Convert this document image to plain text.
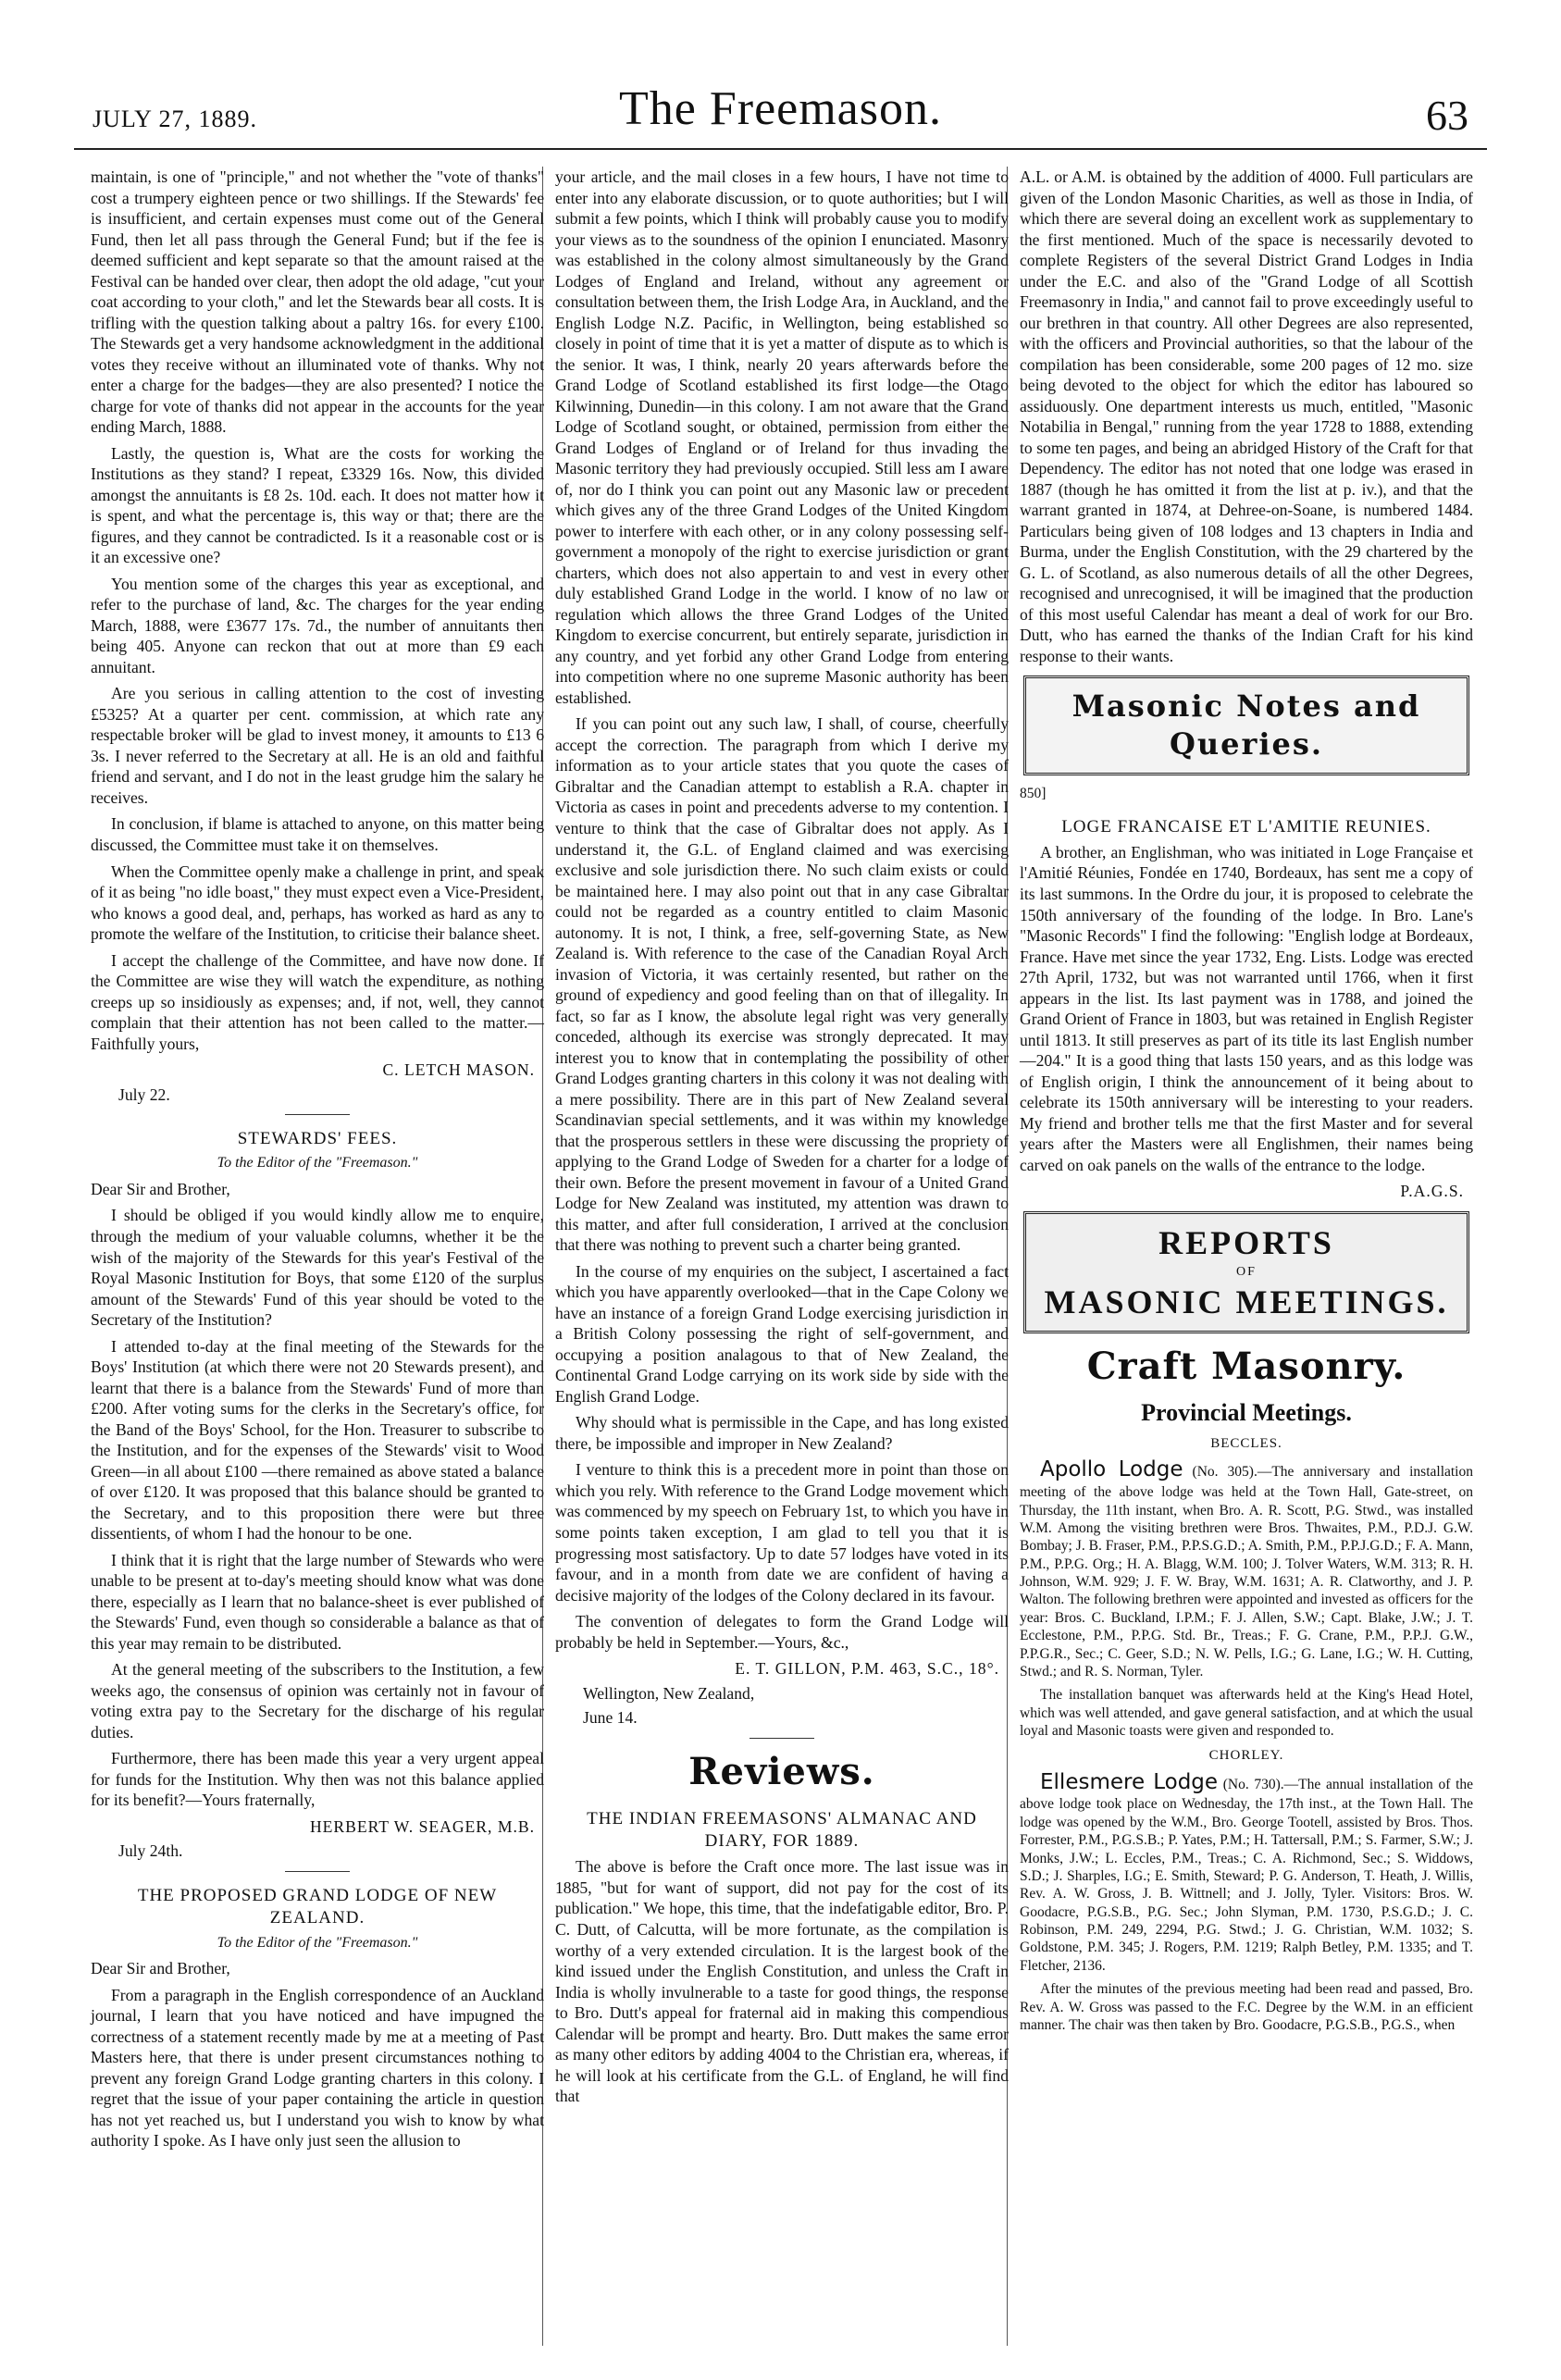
JULY 27, 1889.	The Freemason.	63

maintain, is one of "principle," and not whether the "vote of thanks" cost a trumpery eighteen pence or two shillings. If the Stewards' fee is insufficient, and certain expenses must come out of the General Fund, then let all pass through the General Fund; but if the fee is deemed sufficient and kept separate so that the amount raised at the Festival can be handed over clear, then adopt the old adage, "cut your coat according to your cloth," and let the Stewards bear all costs. It is trifling with the question talking about a paltry 16s. for every £100. The Stewards get a very handsome acknowledgment in the additional votes they receive without an illuminated vote of thanks. Why not enter a charge for the badges—they are also presented? I notice the charge for vote of thanks did not appear in the accounts for the year ending March, 1888.

Lastly, the question is, What are the costs for working the Institutions as they stand? I repeat, £3329 16s. Now, this divided amongst the annuitants is £8 2s. 10d. each. It does not matter how it is spent, and what the percentage is, this way or that; there are the figures, and they cannot be contradicted. Is it a reasonable cost or is it an excessive one?

You mention some of the charges this year as exceptional, and refer to the purchase of land, &c. The charges for the year ending March, 1888, were £3677 17s. 7d., the number of annuitants then being 405. Anyone can reckon that out at more than £9 each annuitant.

Are you serious in calling attention to the cost of investing £5325? At a quarter per cent. commission, at which rate any respectable broker will be glad to invest money, it amounts to £13 6 3s. I never referred to the Secretary at all. He is an old and faithful friend and servant, and I do not in the least grudge him the salary he receives.

In conclusion, if blame is attached to anyone, on this matter being discussed, the Committee must take it on themselves.

When the Committee openly make a challenge in print, and speak of it as being "no idle boast," they must expect even a Vice-President, who knows a good deal, and, perhaps, has worked as hard as any to promote the welfare of the Institution, to criticise their balance sheet.

I accept the challenge of the Committee, and have now done. If the Committee are wise they will watch the expenditure, as nothing creeps up so insidiously as expenses; and, if not, well, they cannot complain that their attention has not been called to the matter.— Faithfully yours,

C. LETCH MASON.
July 22.
STEWARDS' FEES.
To the Editor of the "Freemason."

Dear Sir and Brother,

I should be obliged if you would kindly allow me to enquire, through the medium of your valuable columns, whether it be the wish of the majority of the Stewards for this year's Festival of the Royal Masonic Institution for Boys, that some £120 of the surplus amount of the Stewards' Fund of this year should be voted to the Secretary of the Institution?

I attended to-day at the final meeting of the Stewards for the Boys' Institution (at which there were not 20 Stewards present), and learnt that there is a balance from the Stewards' Fund of more than £200. After voting sums for the clerks in the Secretary's office, for the Band of the Boys' School, for the Hon. Treasurer to subscribe to the Institution, and for the expenses of the Stewards' visit to Wood Green—in all about £100 —there remained as above stated a balance of over £120. It was proposed that this balance should be granted to the Secretary, and to this proposition there were but three dissentients, of whom I had the honour to be one.

I think that it is right that the large number of Stewards who were unable to be present at to-day's meeting should know what was done there, especially as I learn that no balance-sheet is ever published of the Stewards' Fund, even though so considerable a balance as that of this year may remain to be distributed.

At the general meeting of the subscribers to the Institution, a few weeks ago, the consensus of opinion was certainly not in favour of voting extra pay to the Secretary for the discharge of his regular duties.

Furthermore, there has been made this year a very urgent appeal for funds for the Institution. Why then was not this balance applied for its benefit?—Yours fraternally,

HERBERT W. SEAGER, M.B.
July 24th.
THE PROPOSED GRAND LODGE OF NEW ZEALAND.
To the Editor of the "Freemason."

Dear Sir and Brother,

From a paragraph in the English correspondence of an Auckland journal, I learn that you have noticed and have impugned the correctness of a statement recently made by me at a meeting of Past Masters here, that there is under present circumstances nothing to prevent any foreign Grand Lodge granting charters in this colony. I regret that the issue of your paper containing the article in question has not yet reached us, but I understand you wish to know by what authority I spoke. As I have only just seen the allusion to

your article, and the mail closes in a few hours, I have not time to enter into any elaborate discussion, or to quote authorities; but I will submit a few points, which I think will probably cause you to modify your views as to the soundness of the opinion I enunciated. Masonry was established in the colony almost simultaneously by the Grand Lodges of England and Ireland, without any agreement or consultation between them, the Irish Lodge Ara, in Auckland, and the English Lodge N.Z. Pacific, in Wellington, being established so closely in point of time that it is yet a matter of dispute as to which is the senior. It was, I think, nearly 20 years afterwards before the Grand Lodge of Scotland established its first lodge—the Otago Kilwinning, Dunedin—in this colony. I am not aware that the Grand Lodge of Scotland sought, or obtained, permission from either the Grand Lodges of England or of Ireland for thus invading the Masonic territory they had previously occupied. Still less am I aware of, nor do I think you can point out any Masonic law or precedent which gives any of the three Grand Lodges of the United Kingdom power to interfere with each other, or in any colony possessing self-government a monopoly of the right to exercise jurisdiction or grant charters, which does not also appertain to and vest in every other duly established Grand Lodge in the world. I know of no law or regulation which allows the three Grand Lodges of the United Kingdom to exercise concurrent, but entirely separate, jurisdiction in any country, and yet forbid any other Grand Lodge from entering into competition where no one supreme Masonic authority has been established.

If you can point out any such law, I shall, of course, cheerfully accept the correction. The paragraph from which I derive my information as to your article states that you quote the cases of Gibraltar and the Canadian attempt to establish a R.A. chapter in Victoria as cases in point and precedents adverse to my contention. I venture to think that the case of Gibraltar does not apply. As I understand it, the G.L. of England claimed and was exercising exclusive and sole jurisdiction there. No such claim exists or could be maintained here. I may also point out that in any case Gibraltar could not be regarded as a country entitled to claim Masonic autonomy. It is not, I think, a free, self-governing State, as New Zealand is. With reference to the case of the Canadian Royal Arch invasion of Victoria, it was certainly resented, but rather on the ground of expediency and good feeling than on that of illegality. In fact, so far as I know, the absolute legal right was very generally conceded, although its exercise was strongly deprecated. It may interest you to know that in contemplating the possibility of other Grand Lodges granting charters in this colony it was not dealing with a mere possibility. There are in this part of New Zealand several Scandinavian special settlements, and it was within my knowledge that the prosperous settlers in these were discussing the propriety of applying to the Grand Lodge of Sweden for a charter for a lodge of their own. Before the present movement in favour of a United Grand Lodge for New Zealand was instituted, my attention was drawn to this matter, and after full consideration, I arrived at the conclusion that there was nothing to prevent such a charter being granted.

In the course of my enquiries on the subject, I ascertained a fact which you have apparently overlooked—that in the Cape Colony we have an instance of a foreign Grand Lodge exercising jurisdiction in a British Colony possessing the right of self-government, and occupying a position analagous to that of New Zealand, the Continental Grand Lodge carrying on its work side by side with the English Grand Lodge.

Why should what is permissible in the Cape, and has long existed there, be impossible and improper in New Zealand?

I venture to think this is a precedent more in point than those on which you rely. With reference to the Grand Lodge movement which was commenced by my speech on February 1st, to which you have in some points taken exception, I am glad to tell you that it is progressing most satisfactory. Up to date 57 lodges have voted in its favour, and in a month from date we are confident of having a decisive majority of the lodges of the Colony declared in its favour.

The convention of delegates to form the Grand Lodge will probably be held in September.—Yours, &c.,

E. T. GILLON, P.M. 463, S.C., 18°.
Wellington, New Zealand,
June 14.
Reviews.
THE INDIAN FREEMASONS' ALMANAC AND DIARY, FOR 1889.

The above is before the Craft once more. The last issue was in 1885, "but for want of support, did not pay for the cost of its publication." We hope, this time, that the indefatigable editor, Bro. P. C. Dutt, of Calcutta, will be more fortunate, as the compilation is worthy of a very extended circulation. It is the largest book of the kind issued under the English Constitution, and unless the Craft in India is wholly invulnerable to a taste for good things, the response to Bro. Dutt's appeal for fraternal aid in making this compendious Calendar will be prompt and hearty. Bro. Dutt makes the same error as many other editors by adding 4004 to the Christian era, whereas, if he will look at his certificate from the G.L. of England, he will find that

A.L. or A.M. is obtained by the addition of 4000. Full particulars are given of the London Masonic Charities, as well as those in India, of which there are several doing an excellent work as supplementary to the first mentioned. Much of the space is necessarily devoted to complete Registers of the several District Grand Lodges in India under the E.C. and also of the "Grand Lodge of all Scottish Freemasonry in India," and cannot fail to prove exceedingly useful to our brethren in that country. All other Degrees are also represented, with the officers and Provincial authorities, so that the labour of the compilation has been considerable, some 200 pages of 12 mo. size being devoted to the object for which the editor has laboured so assiduously. One department interests us much, entitled, "Masonic Notabilia in Bengal," running from the year 1728 to 1888, extending to some ten pages, and being an abridged History of the Craft for that Dependency. The editor has not noted that one lodge was erased in 1887 (though he has omitted it from the list at p. iv.), and that the warrant granted in 1874, at Dehree-on-Soane, is numbered 1484. Particulars being given of 108 lodges and 13 chapters in India and Burma, under the English Constitution, with the 29 chartered by the G. L. of Scotland, as also numerous details of all the other Degrees, recognised and unrecognised, it will be imagined that the production of this most useful Calendar has meant a deal of work for our Bro. Dutt, who has earned the thanks of the Indian Craft for his kind response to their wants.

Masonic Notes and Queries.

850]

LOGE FRANCAISE ET L'AMITIE REUNIES.

A brother, an Englishman, who was initiated in Loge Française et l'Amitié Réunies, Fondée en 1740, Bordeaux, has sent me a copy of its last summons. In the Ordre du jour, it is proposed to celebrate the 150th anniversary of the founding of the lodge. In Bro. Lane's "Masonic Records" I find the following: "English lodge at Bordeaux, France. Have met since the year 1732, Eng. Lists. Lodge was erected 27th April, 1732, but was not warranted until 1766, when it first appears in the list. Its last payment was in 1788, and joined the Grand Orient of France in 1803, but was retained in English Register until 1813. It still preserves as part of its title its last English number—204." It is a good thing that lasts 150 years, and as this lodge was of English origin, I think the announcement of it being about to celebrate its 150th anniversary will be interesting to your readers. My friend and brother tells me that the first Master and for several years after the Masters were all Englishmen, their names being carved on oak panels on the walls of the entrance to the lodge.

P.A.G.S.
REPORTS
OF
MASONIC MEETINGS.
Craft Masonry.
Provincial Meetings.
BECCLES.

Apollo Lodge (No. 305).—The anniversary and installation meeting of the above lodge was held at the Town Hall, Gate-street, on Thursday, the 11th instant, when Bro. A. R. Scott, P.G. Stwd., was installed W.M. Among the visiting brethren were Bros. Thwaites, P.M., P.D.J. G.W. Bombay; J. B. Fraser, P.M., P.P.S.G.D.; A. Smith, P.M., P.P.J.G.D.; F. A. Mann, P.M., P.P.G. Org.; H. A. Blagg, W.M. 100; J. Tolver Waters, W.M. 313; R. H. Johnson, W.M. 929; J. F. W. Bray, W.M. 1631; A. R. Clatworthy, and J. P. Walton. The following brethren were appointed and invested as officers for the year: Bros. C. Buckland, I.P.M.; F. J. Allen, S.W.; Capt. Blake, J.W.; J. T. Ecclestone, P.M., P.P.G. Std. Br., Treas.; F. G. Crane, P.M., P.P.J. G.W., P.P.G.R., Sec.; C. Geer, S.D.; N. W. Pells, I.G.; G. Lane, I.G.; W. H. Cutting, Stwd.; and R. S. Norman, Tyler.

The installation banquet was afterwards held at the King's Head Hotel, which was well attended, and gave general satisfaction, and at which the usual loyal and Masonic toasts were given and responded to.

CHORLEY.

Ellesmere Lodge (No. 730).—The annual installation of the above lodge took place on Wednesday, the 17th inst., at the Town Hall. The lodge was opened by the W.M., Bro. George Tootell, assisted by Bros. Thos. Forrester, P.M., P.G.S.B.; P. Yates, P.M.; H. Tattersall, P.M.; S. Farmer, S.W.; J. Monks, J.W.; L. Eccles, P.M., Treas.; C. A. Richmond, Sec.; S. Widdows, S.D.; J. Sharples, I.G.; E. Smith, Steward; P. G. Anderson, T. Heath, J. Willis, Rev. A. W. Gross, J. B. Wittnell; and J. Jolly, Tyler. Visitors: Bros. W. Goodacre, P.G.S.B., P.G. Sec.; John Slyman, P.M. 1730, P.S.G.D.; J. C. Robinson, P.M. 249, 2294, P.G. Stwd.; J. G. Christian, W.M. 1032; S. Goldstone, P.M. 345; J. Rogers, P.M. 1219; Ralph Betley, P.M. 1335; and T. Fletcher, 2136.

After the minutes of the previous meeting had been read and passed, Bro. Rev. A. W. Gross was passed to the F.C. Degree by the W.M. in an efficient manner. The chair was then taken by Bro. Goodacre, P.G.S.B., P.G.S., when
